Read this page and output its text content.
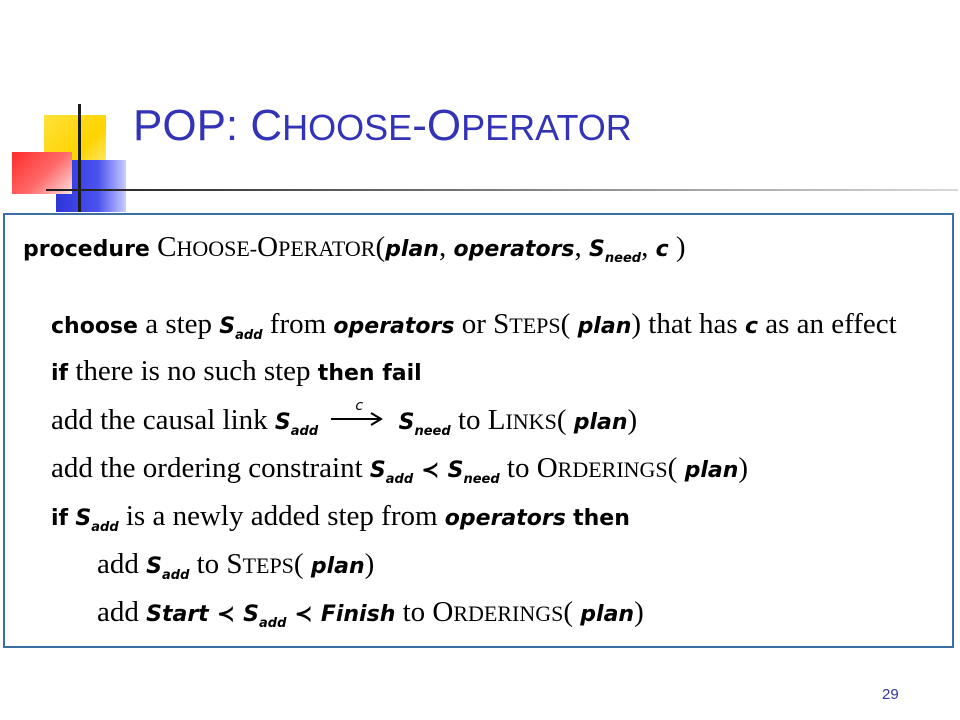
POP: CHOOSE-OPERATOR
procedure CHOOSE-OPERATOR(plan, operators, $S_{need}$, c )
choose a step $S_{add}$ from operators or STEPS( plan) that has c as an effect
if there is no such step then fail
add the causal link $S_{add}$
c
$S_{need}$ to LINKS( plan)
add the ordering constraint $S_{add}$ ≺ $S_{need}$ to ORDERINGS( plan)
if $S_{add}$ is a newly added step from operators then
add $S_{add}$ to STEPS( plan)
add Start ≺ $S_{add}$ ≺ Finish to ORDERINGS( plan)
29
